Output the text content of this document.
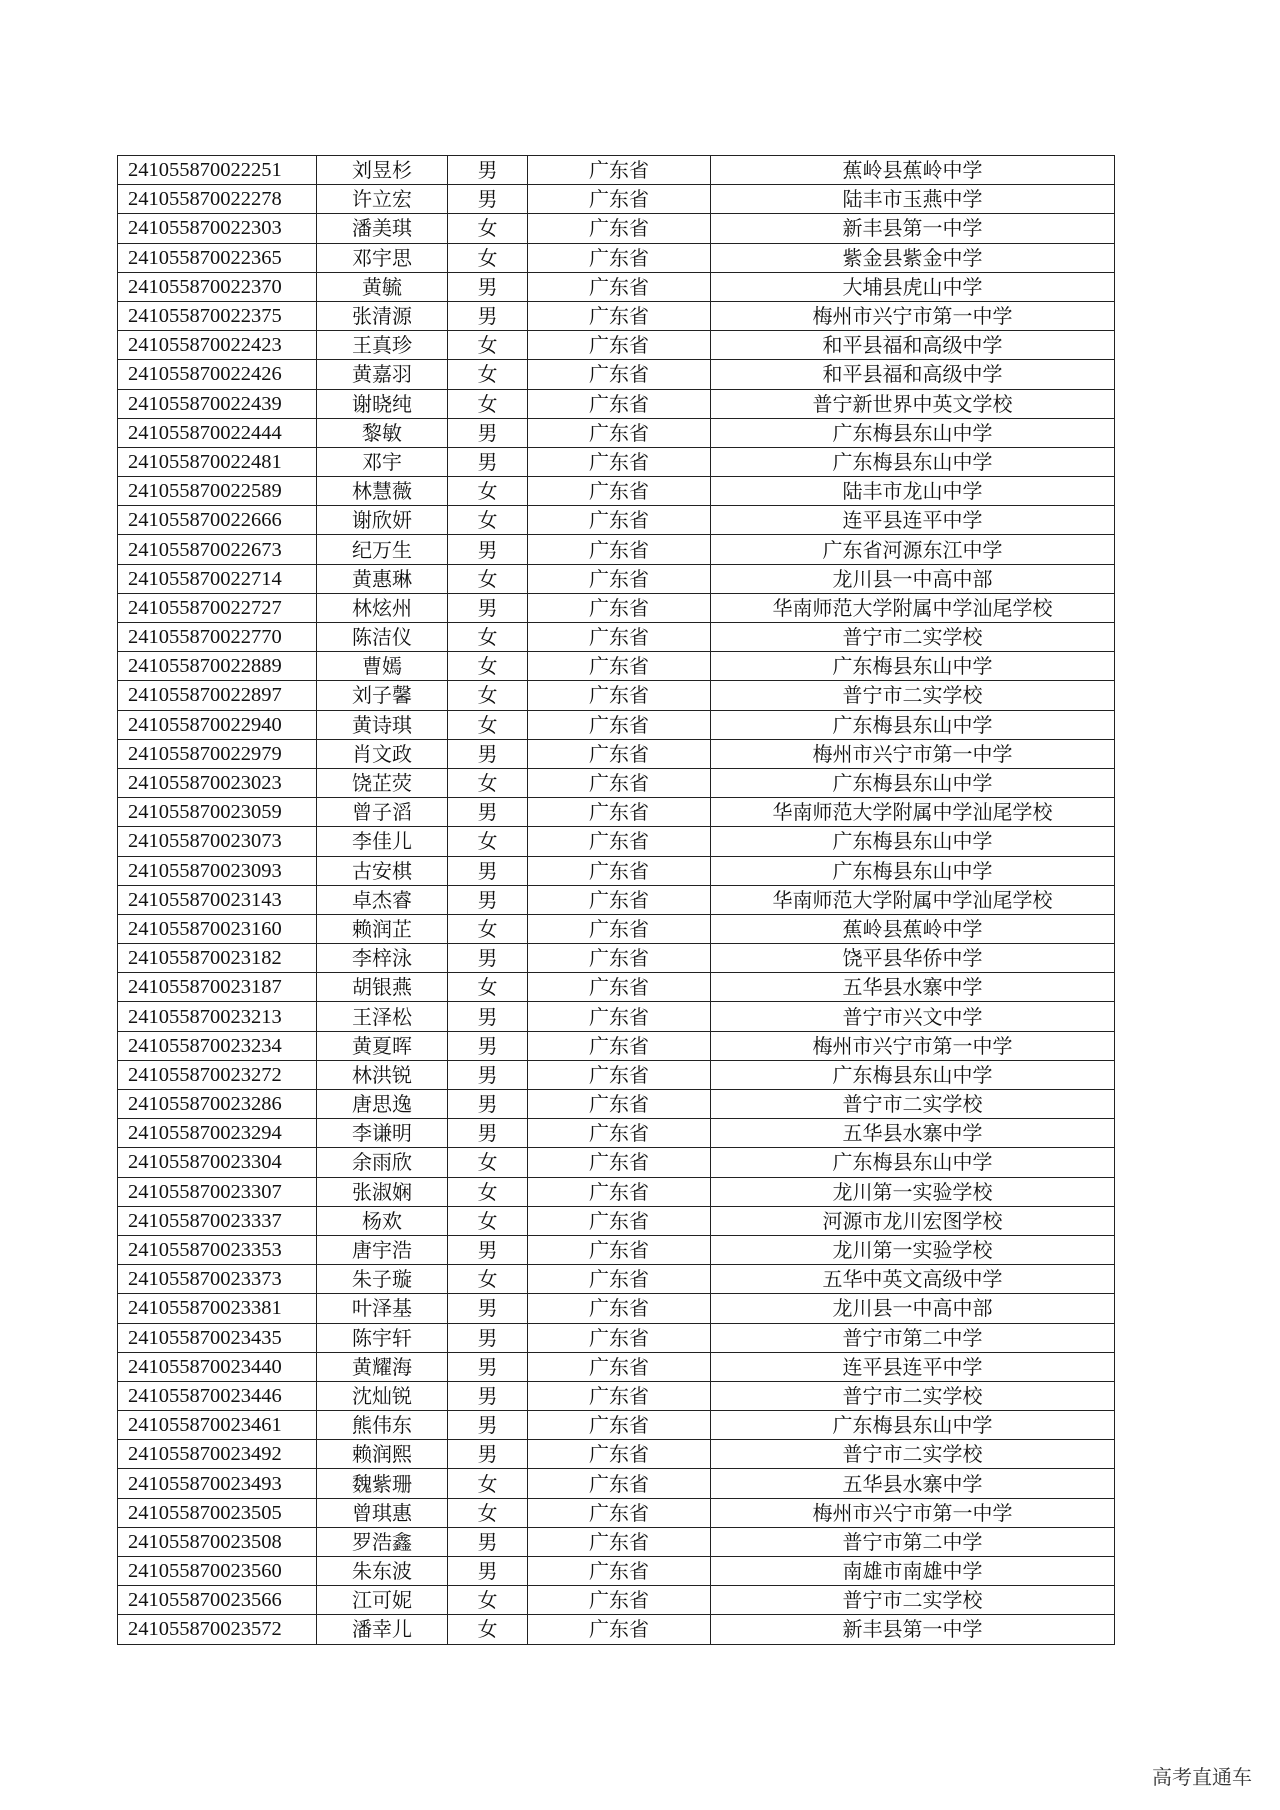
241055870022251	刘昱杉	男	广东省	蕉岭县蕉岭中学
241055870022278	许立宏	男	广东省	陆丰市玉燕中学
241055870022303	潘美琪	女	广东省	新丰县第一中学
241055870022365	邓宇思	女	广东省	紫金县紫金中学
241055870022370	黄毓	男	广东省	大埔县虎山中学
241055870022375	张清源	男	广东省	梅州市兴宁市第一中学
241055870022423	王真珍	女	广东省	和平县福和高级中学
241055870022426	黄嘉羽	女	广东省	和平县福和高级中学
241055870022439	谢晓纯	女	广东省	普宁新世界中英文学校
241055870022444	黎敏	男	广东省	广东梅县东山中学
241055870022481	邓宇	男	广东省	广东梅县东山中学
241055870022589	林慧薇	女	广东省	陆丰市龙山中学
241055870022666	谢欣妍	女	广东省	连平县连平中学
241055870022673	纪万生	男	广东省	广东省河源东江中学
241055870022714	黄惠琳	女	广东省	龙川县一中高中部
241055870022727	林炫州	男	广东省	华南师范大学附属中学汕尾学校
241055870022770	陈洁仪	女	广东省	普宁市二实学校
241055870022889	曹嫣	女	广东省	广东梅县东山中学
241055870022897	刘子馨	女	广东省	普宁市二实学校
241055870022940	黄诗琪	女	广东省	广东梅县东山中学
241055870022979	肖文政	男	广东省	梅州市兴宁市第一中学
241055870023023	饶芷荧	女	广东省	广东梅县东山中学
241055870023059	曾子滔	男	广东省	华南师范大学附属中学汕尾学校
241055870023073	李佳儿	女	广东省	广东梅县东山中学
241055870023093	古安棋	男	广东省	广东梅县东山中学
241055870023143	卓杰睿	男	广东省	华南师范大学附属中学汕尾学校
241055870023160	赖润芷	女	广东省	蕉岭县蕉岭中学
241055870023182	李梓泳	男	广东省	饶平县华侨中学
241055870023187	胡银燕	女	广东省	五华县水寨中学
241055870023213	王泽松	男	广东省	普宁市兴文中学
241055870023234	黄夏晖	男	广东省	梅州市兴宁市第一中学
241055870023272	林洪锐	男	广东省	广东梅县东山中学
241055870023286	唐思逸	男	广东省	普宁市二实学校
241055870023294	李谦明	男	广东省	五华县水寨中学
241055870023304	余雨欣	女	广东省	广东梅县东山中学
241055870023307	张淑娴	女	广东省	龙川第一实验学校
241055870023337	杨欢	女	广东省	河源市龙川宏图学校
241055870023353	唐宇浩	男	广东省	龙川第一实验学校
241055870023373	朱子璇	女	广东省	五华中英文高级中学
241055870023381	叶泽基	男	广东省	龙川县一中高中部
241055870023435	陈宇轩	男	广东省	普宁市第二中学
241055870023440	黄耀海	男	广东省	连平县连平中学
241055870023446	沈灿锐	男	广东省	普宁市二实学校
241055870023461	熊伟东	男	广东省	广东梅县东山中学
241055870023492	赖润熙	男	广东省	普宁市二实学校
241055870023493	魏紫珊	女	广东省	五华县水寨中学
241055870023505	曾琪惠	女	广东省	梅州市兴宁市第一中学
241055870023508	罗浩鑫	男	广东省	普宁市第二中学
241055870023560	朱东波	男	广东省	南雄市南雄中学
241055870023566	江可妮	女	广东省	普宁市二实学校
241055870023572	潘幸儿	女	广东省	新丰县第一中学
高考直通车
